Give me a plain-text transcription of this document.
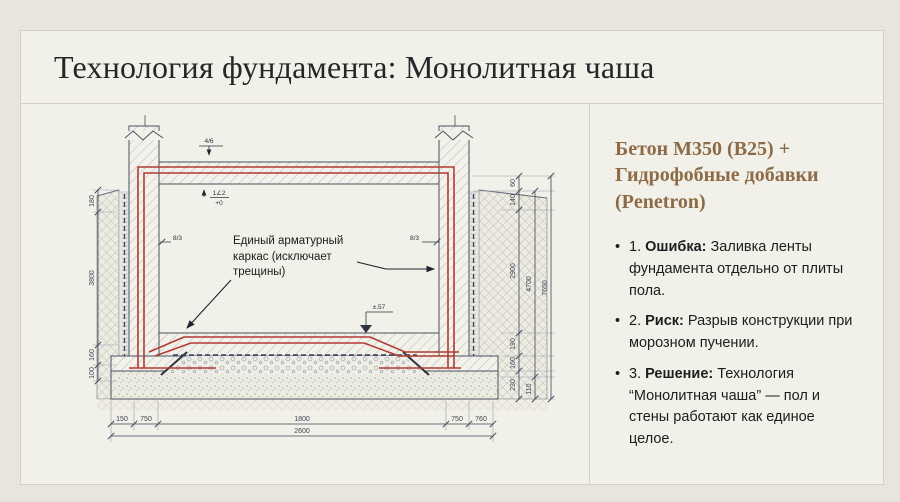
Технология фундамента: Монолитная чаша
4/6
1∠2
+0
8/3	8/3
±.57
150 750	1800	750 760
2600
180
3800
160
100
60
140
2900
190
160
230
4700
110
7650
Единый арматурный каркас (исключает трещины)
Бетон М350 (В25) + Гидрофобные добавки (Penetron)
• 1. Ошибка: Заливка ленты фундамента отдельно от плиты пола.
• 2. Риск: Разрыв конструкции при морозном пучении.
• 3. Решение: Технология “Монолитная чаша” — пол и стены работают как единое целое.
